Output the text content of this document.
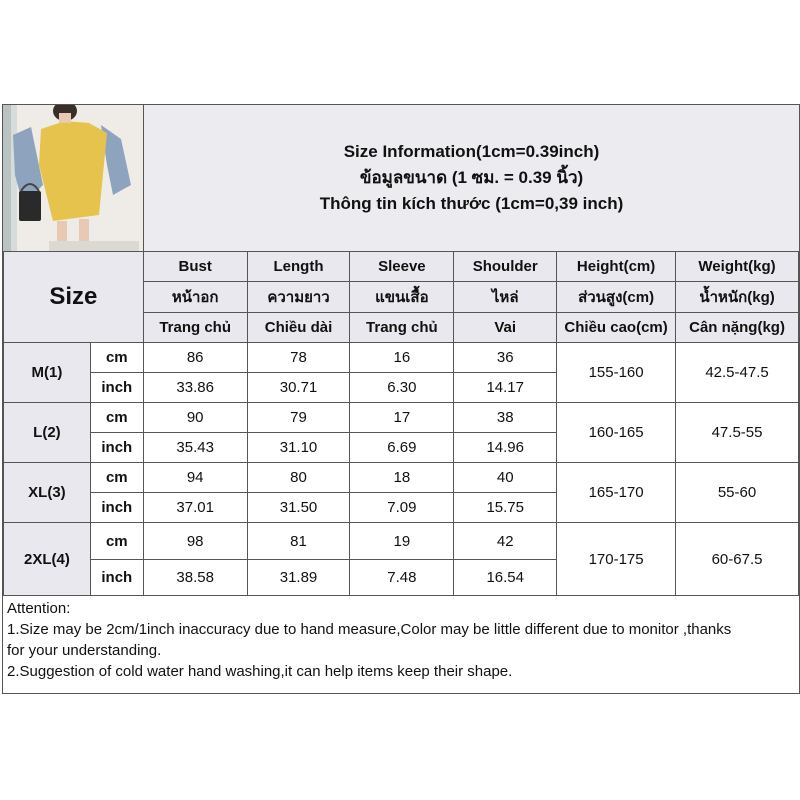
Size Information(1cm=0.39inch)
ข้อมูลขนาด (1 ซม. = 0.39 นิ้ว)
Thông tin kích thước (1cm=0,39 inch)
Size		Bust	Length	Sleeve	Shoulder	Height(cm)	Weight(kg)
		หน้าอก	ความยาว	แขนเสื้อ	ไหล่	ส่วนสูง(cm)	น้ำหนัก(kg)
		Trang chủ	Chiều dài	Trang chủ	Vai	Chiều cao(cm)	Cân nặng(kg)
M(1)	cm	86	78	16	36	155-160	42.5-47.5
	inch	33.86	30.71	6.30	14.17		
L(2)	cm	90	79	17	38	160-165	47.5-55
	inch	35.43	31.10	6.69	14.96		
XL(3)	cm	94	80	18	40	165-170	55-60
	inch	37.01	31.50	7.09	15.75		
2XL(4)	cm	98	81	19	42	170-175	60-67.5
	inch	38.58	31.89	7.48	16.54		

Attention:

1.Size may be 2cm/1inch inaccuracy due to hand measure,Color may be little different due to monitor ,thanks

for your understanding.

2.Suggestion of cold water hand washing,it can help items keep their shape.
